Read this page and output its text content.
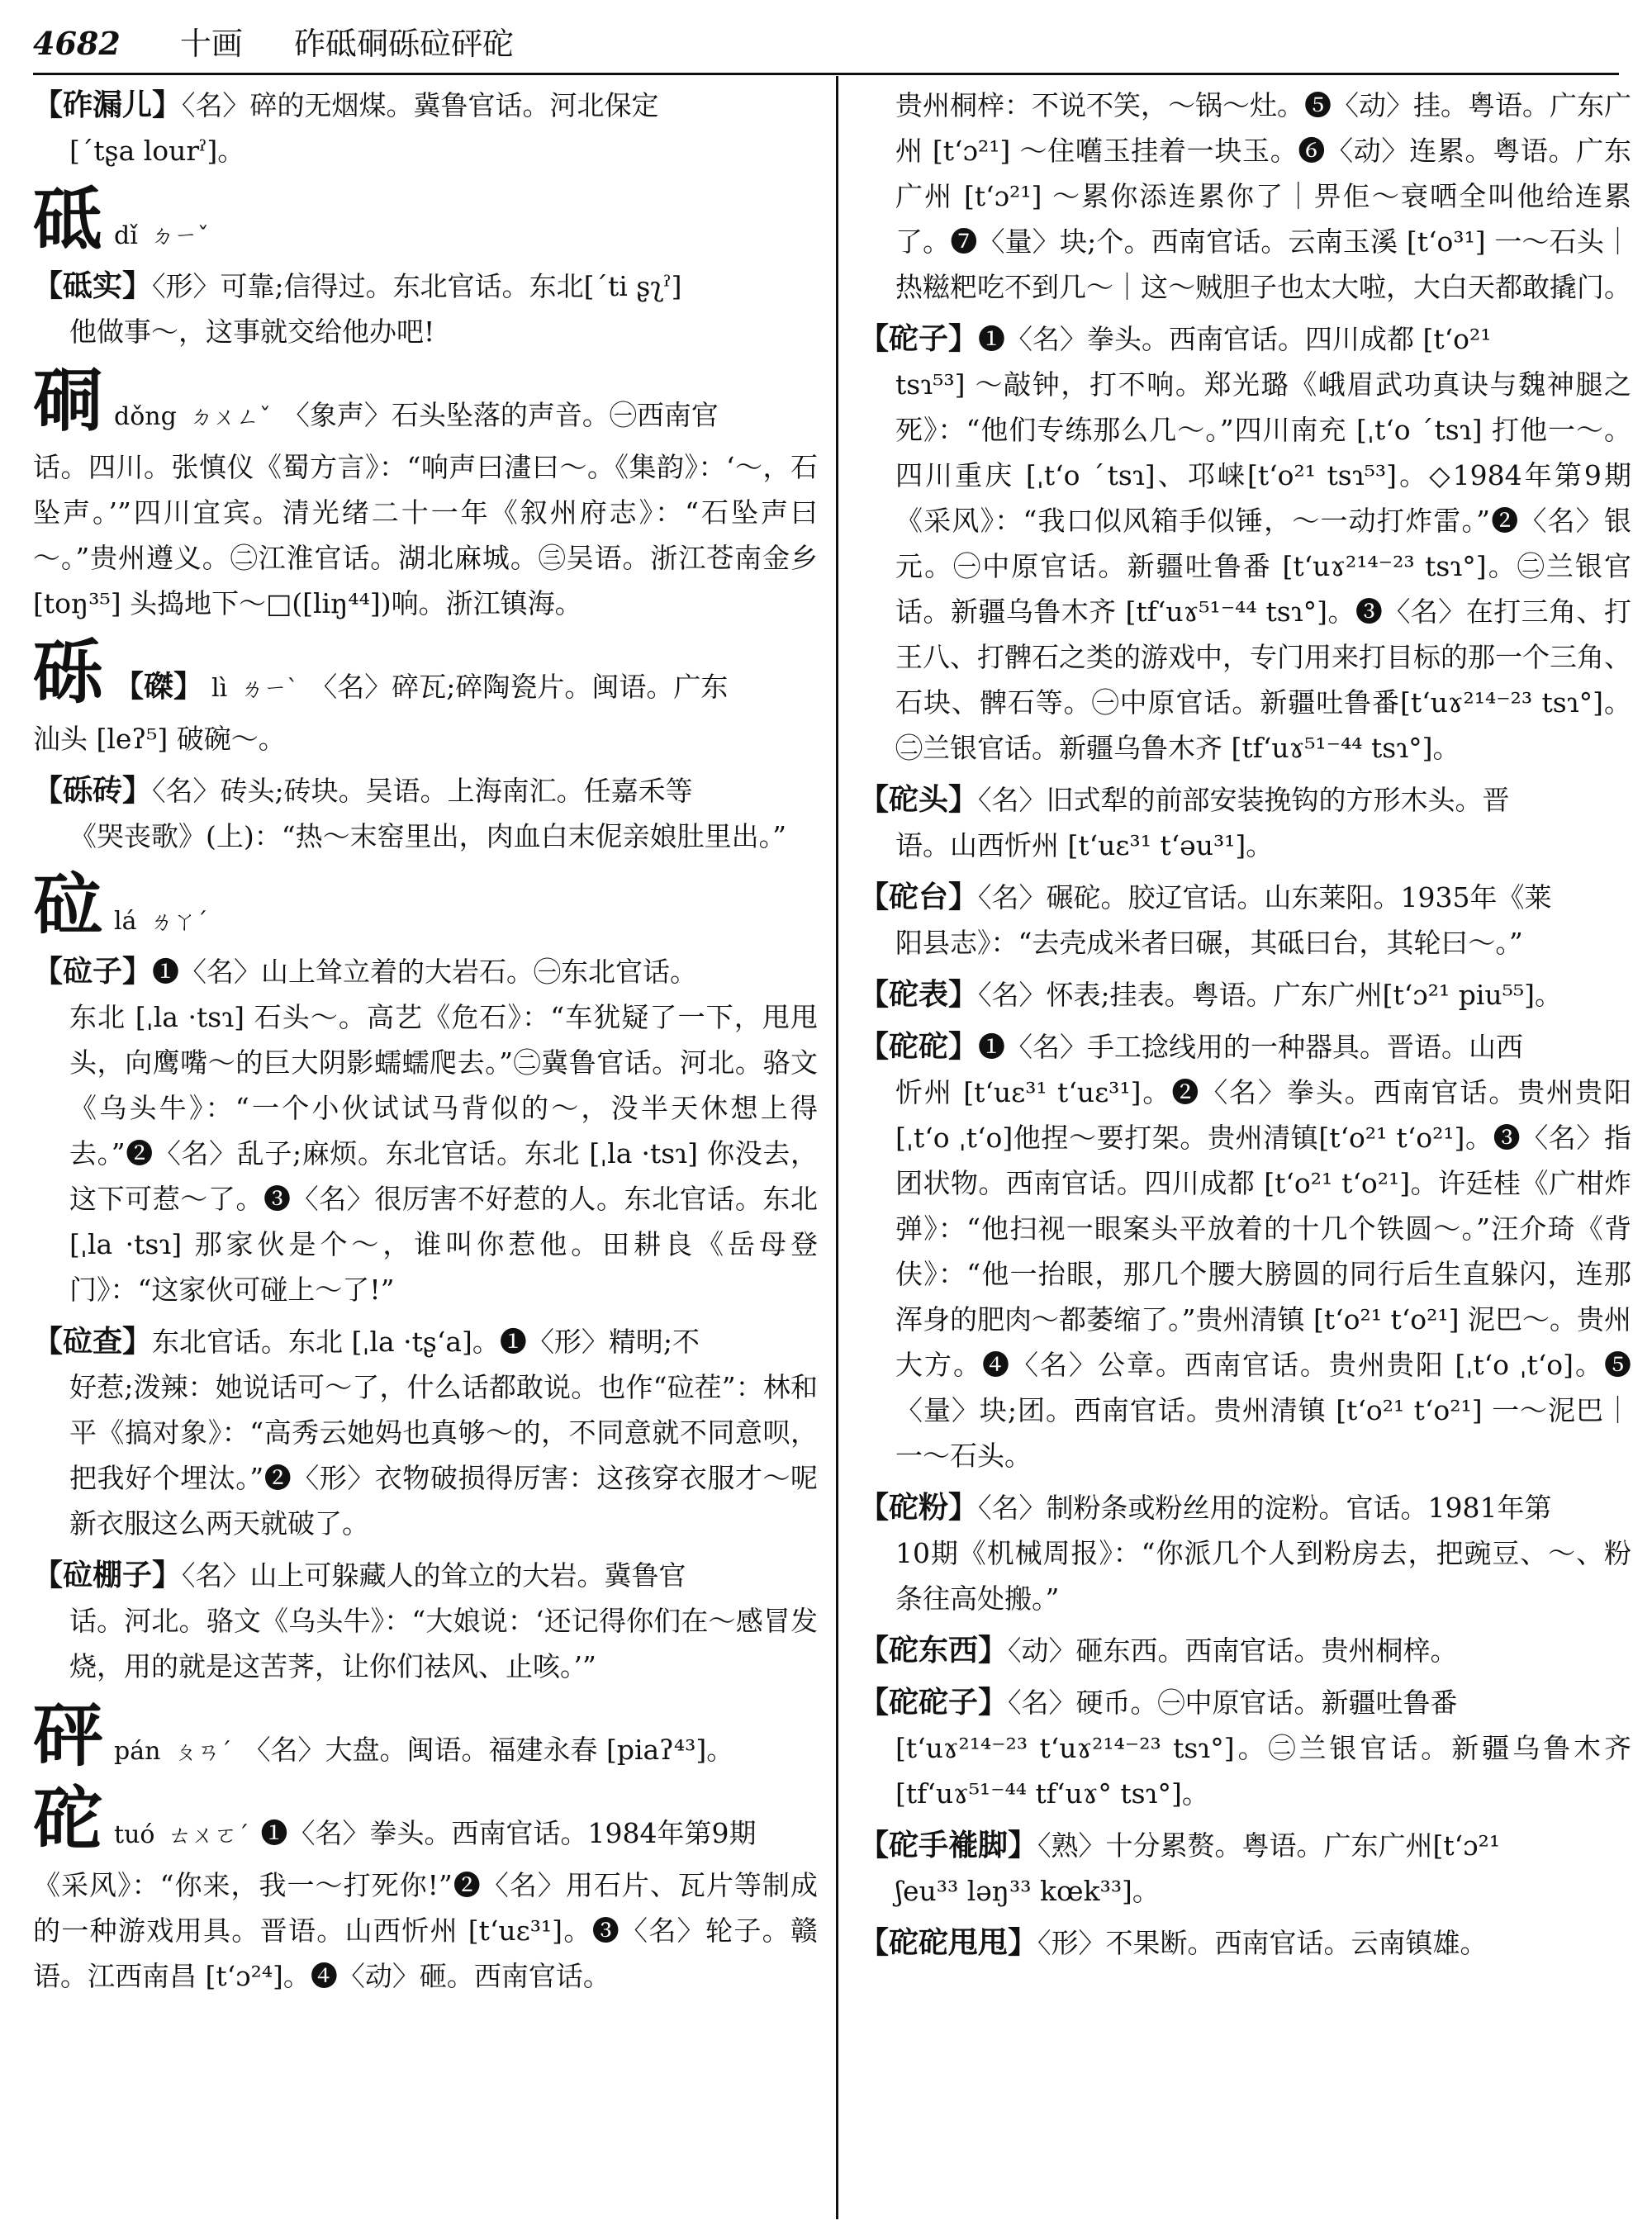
4682 十画 砟砥硐砾砬砰砣
【砟漏儿】〈名〉碎的无烟煤。冀鲁官话。河北保定
[ˊtʂa lourˀ]。
砥 dǐ ㄉㄧˇ
【砥实】〈形〉可靠;信得过。东北官话。东北[ˊti ʂʅˀ]
他做事～，这事就交给他办吧!
硐 dǒng ㄉㄨㄥˇ 〈象声〉石头坠落的声音。㊀西南官
话。四川。张慎仪《蜀方言》：“响声曰澅曰～。《集韵》：‘～，石坠声。’”四川宜宾。清光绪二十一年《叙州府志》：“石坠声曰～。”贵州遵义。㊁江淮官话。湖北麻城。㊂吴语。浙江苍南金乡 [toŋ³⁵] 头捣地下～□([liŋ⁴⁴])响。浙江镇海。
砾 【磔】 lì ㄌㄧˋ 〈名〉碎瓦;碎陶瓷片。闽语。广东
汕头 [leʔ⁵] 破碗～。
【砾砖】〈名〉砖头;砖块。吴语。上海南汇。任嘉禾等
《哭丧歌》(上)：“热～末窑里出，肉血白末伲亲娘肚里出。”
砬 lá ㄌㄚˊ
【砬子】❶〈名〉山上耸立着的大岩石。㊀东北官话。
东北 [ˌla ·tsɿ] 石头～。高艺《危石》：“车犹疑了一下，甩甩头，向鹰嘴～的巨大阴影蠕蠕爬去。”㊁冀鲁官话。河北。骆文《乌头牛》：“一个小伙试试马背似的～，没半天休想上得去。”❷〈名〉乱子;麻烦。东北官话。东北 [ˌla ·tsɿ] 你没去，这下可惹～了。❸〈名〉很厉害不好惹的人。东北官话。东北 [ˌla ·tsɿ] 那家伙是个～，谁叫你惹他。田耕良《岳母登门》：“这家伙可碰上～了!”
【砬查】东北官话。东北 [ˌla ·tʂʻa]。❶〈形〉精明;不
好惹;泼辣：她说话可～了，什么话都敢说。也作“砬茬”：林和平《搞对象》：“高秀云她妈也真够～的，不同意就不同意呗，把我好个埋汰。”❷〈形〉衣物破损得厉害：这孩穿衣服才～呢新衣服这么两天就破了。
【砬棚子】〈名〉山上可躲藏人的耸立的大岩。冀鲁官
话。河北。骆文《乌头牛》：“大娘说：‘还记得你们在～感冒发烧，用的就是这苦荠，让你们祛风、止咳。’”
砰 pán ㄆㄢˊ 〈名〉大盘。闽语。福建永春 [piaʔ⁴³]。
砣 tuó ㄊㄨㄛˊ ❶〈名〉拳头。西南官话。1984年第9期
《采风》：“你来，我一～打死你!”❷〈名〉用石片、瓦片等制成的一种游戏用具。晋语。山西忻州 [tʻuɛ³¹]。❸〈名〉轮子。赣语。江西南昌 [tʻɔ²⁴]。❹〈动〉砸。西南官话。
贵州桐梓：不说不笑，～锅～灶。❺〈动〉挂。粤语。广东广州 [tʻɔ²¹] ～住嚿玉挂着一块玉。❻〈动〉连累。粤语。广东广州 [tʻɔ²¹] ～累你添连累你了｜畀佢～衰哂全叫他给连累了。❼〈量〉块;个。西南官话。云南玉溪 [tʻo³¹] 一～石头｜热糍粑吃不到几～｜这～贼胆子也太大啦，大白天都敢撬门。
【砣子】❶〈名〉拳头。西南官话。四川成都 [tʻo²¹
tsɿ⁵³] ～敲钟，打不响。郑光璐《峨眉武功真诀与魏神腿之死》：“他们专练那么几～。”四川南充 [ˌtʻo ˊtsɿ] 打他一～。四川重庆 [ˌtʻo ˊtsɿ]、邛崃[tʻo²¹ tsɿ⁵³]。◇1984年第9期《采风》：“我口似风箱手似锤，～一动打炸雷。”❷〈名〉银元。㊀中原官话。新疆吐鲁番 [tʻuɤ²¹⁴⁻²³ tsɿ°]。㊁兰银官话。新疆乌鲁木齐 [tfʻuɤ⁵¹⁻⁴⁴ tsɿ°]。❸〈名〉在打三角、打王八、打髀石之类的游戏中，专门用来打目标的那一个三角、石块、髀石等。㊀中原官话。新疆吐鲁番[tʻuɤ²¹⁴⁻²³ tsɿ°]。㊁兰银官话。新疆乌鲁木齐 [tfʻuɤ⁵¹⁻⁴⁴ tsɿ°]。
【砣头】〈名〉旧式犁的前部安装挽钩的方形木头。晋
语。山西忻州 [tʻuɛ³¹ tʻəu³¹]。
【砣台】〈名〉碾砣。胶辽官话。山东莱阳。1935年《莱
阳县志》：“去壳成米者曰碾，其砥曰台，其轮曰～。”
【砣表】〈名〉怀表;挂表。粤语。广东广州[tʻɔ²¹ piu⁵⁵]。
【砣砣】❶〈名〉手工捻线用的一种器具。晋语。山西
忻州 [tʻuɛ³¹ tʻuɛ³¹]。❷〈名〉拳头。西南官话。贵州贵阳[ˌtʻo ˌtʻo]他捏～要打架。贵州清镇[tʻo²¹ tʻo²¹]。❸〈名〉指团状物。西南官话。四川成都 [tʻo²¹ tʻo²¹]。许廷桂《广柑炸弹》：“他扫视一眼案头平放着的十几个铁圆～。”汪介琦《背伕》：“他一抬眼，那几个腰大膀圆的同行后生直躲闪，连那浑身的肥肉～都萎缩了。”贵州清镇 [tʻo²¹ tʻo²¹] 泥巴～。贵州大方。❹〈名〉公章。西南官话。贵州贵阳 [ˌtʻo ˌtʻo]。❺〈量〉块;团。西南官话。贵州清镇 [tʻo²¹ tʻo²¹] 一～泥巴｜一～石头。
【砣粉】〈名〉制粉条或粉丝用的淀粉。官话。1981年第
10期《机械周报》：“你派几个人到粉房去，把豌豆、～、粉条往高处搬。”
【砣东西】〈动〉砸东西。西南官话。贵州桐梓。
【砣砣子】〈名〉硬币。㊀中原官话。新疆吐鲁番
[tʻuɤ²¹⁴⁻²³ tʻuɤ²¹⁴⁻²³ tsɿ°]。㊁兰银官话。新疆乌鲁木齐 [tfʻuɤ⁵¹⁻⁴⁴ tfʻuɤ° tsɿ°]。
【砣手褦脚】〈熟〉十分累赘。粤语。广东广州[tʻɔ²¹
ʃeu³³ ləŋ³³ kœk³³]。
【砣砣甩甩】〈形〉不果断。西南官话。云南镇雄。
